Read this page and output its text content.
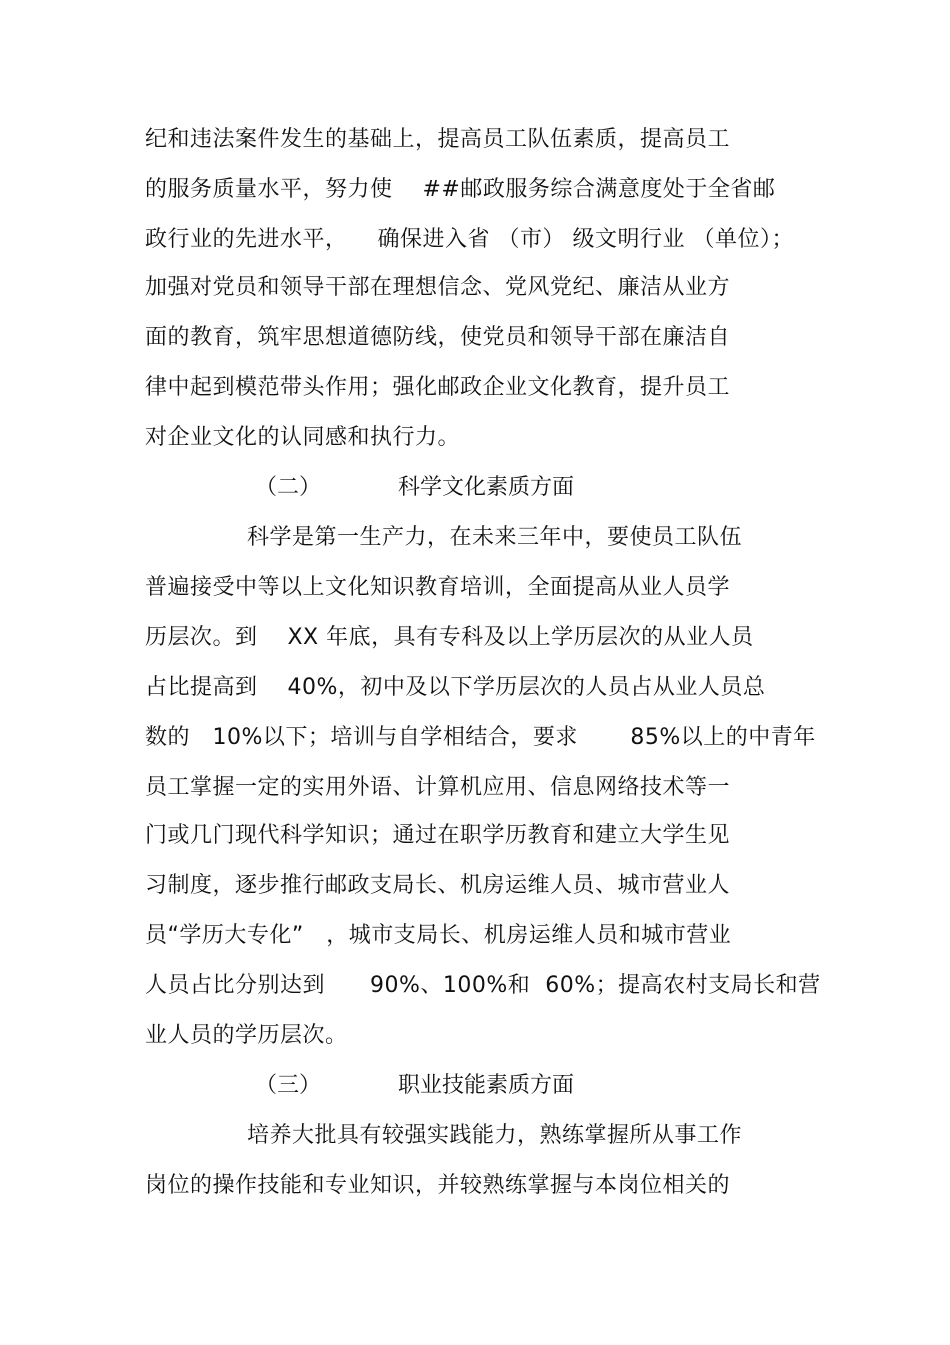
纪和违法案件发生的基础上，提高员工队伍素质，提高员工
的服务质量水平，努力使    ##邮政服务综合满意度处于全省邮
政行业的先进水平，    确保进入省 （市） 级文明行业 （单位）；
加强对党员和领导干部在理想信念、党风党纪、廉洁从业方
面的教育，筑牢思想道德防线，使党员和领导干部在廉洁自
律中起到模范带头作用；强化邮政企业文化教育，提升员工
对企业文化的认同感和执行力。
（二）	科学文化素质方面
科学是第一生产力，在未来三年中，要使员工队伍
普遍接受中等以上文化知识教育培训，全面提高从业人员学
历层次。到    XX 年底，具有专科及以上学历层次的从业人员
占比提高到    40%，初中及以下学历层次的人员占从业人员总
数的   10%以下；培训与自学相结合，要求       85%以上的中青年
员工掌握一定的实用外语、计算机应用、信息网络技术等一
门或几门现代科学知识；通过在职学历教育和建立大学生见
习制度，逐步推行邮政支局长、机房运维人员、城市营业人
员“学历大专化”   ，城市支局长、机房运维人员和城市营业
人员占比分别达到      90%、100%和  60%；提高农村支局长和营
业人员的学历层次。
（三）	职业技能素质方面
培养大批具有较强实践能力，熟练掌握所从事工作
岗位的操作技能和专业知识，并较熟练掌握与本岗位相关的
